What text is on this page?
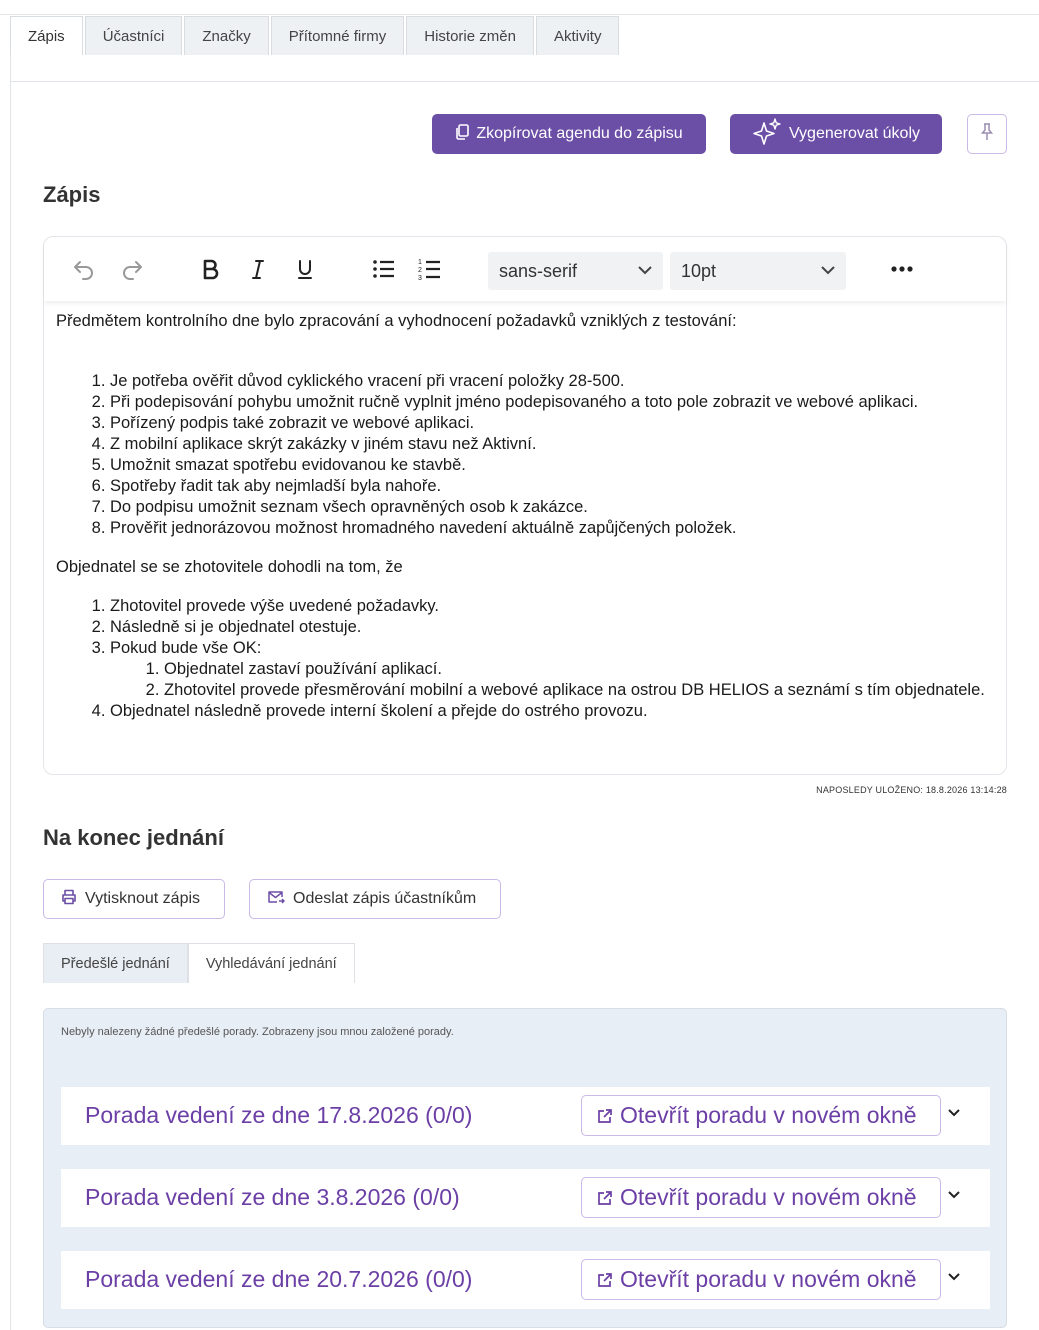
Zápis	Účastníci	Značky	Přítomné firmy	Historie změn	Aktivity
Zkopírovat agendu do zápisu	Vygenerovat úkoly
Zápis
1
2
3	sans-serif	10pt

Předmětem kontrolního dne bylo zpracování a vyhodnocení požadavků vzniklých z testování:

1. Je potřeba ověřit důvod cyklického vracení při vracení položky 28-500.
2. Při podepisování pohybu umožnit ručně vyplnit jméno podepisovaného a toto pole zobrazit ve webové aplikaci.
3. Pořízený podpis také zobrazit ve webové aplikaci.
4. Z mobilní aplikace skrýt zakázky v jiném stavu než Aktivní.
5. Umožnit smazat spotřebu evidovanou ke stavbě.
6. Spotřeby řadit tak aby nejmladší byla nahoře.
7. Do podpisu umožnit seznam všech opravněných osob k zakázce.
8. Prověřit jednorázovou možnost hromadného navedení aktuálně zapůjčených položek.

Objednatel se se zhotovitele dohodli na tom, že

1. Zhotovitel provede výše uvedené požadavky.
2. Následně si je objednatel otestuje.
3. Pokud bude vše OK:
1. Objednatel zastaví používání aplikací.
2. Zhotovitel provede přesměrování mobilní a webové aplikace na ostrou DB HELIOS a seznámí s tím objednatele.
4. Objednatel následně provede interní školení a přejde do ostrého provozu.
NAPOSLEDY ULOŽENO: 18.8.2026 13:14:28
Na konec jednání
Vytisknout zápis	Odeslat zápis účastníkům
Předešlé jednání	Vyhledávání jednání
Nebyly nalezeny žádné předešlé porady. Zobrazeny jsou mnou založené porady.
Porada vedení ze dne 17.8.2026 (0/0)	Otevřít poradu v novém okně
Porada vedení ze dne 3.8.2026 (0/0)	Otevřít poradu v novém okně
Porada vedení ze dne 20.7.2026 (0/0)	Otevřít poradu v novém okně
